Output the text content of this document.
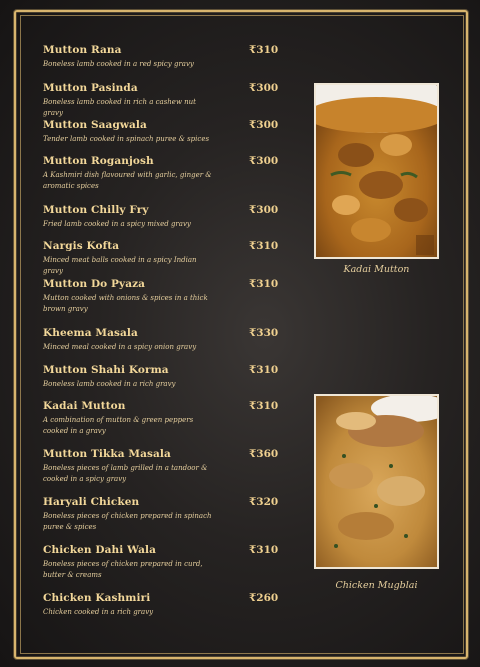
Mutton Rana	₹310
Boneless lamb cooked in a red spicy gravy
Mutton Pasinda	₹300
Boneless lamb cooked in rich a cashew nut gravy
Mutton Saagwala	₹300
Tender lamb cooked in spinach puree & spices
Mutton Roganjosh	₹300
A Kashmiri dish flavoured with garlic, ginger & aromatic spices
Mutton Chilly Fry	₹300
Fried lamb cooked in a spicy mixed gravy
Nargis Kofta	₹310
Minced meat balls cooked in a spicy Indian gravy
Mutton Do Pyaza	₹310
Mutton cooked with onions & spices in a thick brown gravy
Kheema Masala	₹330
Minced meal cooked in a spicy onion gravy
Mutton Shahi Korma	₹310
Boneless lamb cooked in a rich gravy
Kadai Mutton	₹310
A combination of mutton & green peppers cooked in a gravy
Mutton Tikka Masala	₹360
Boneless pieces of lamb grilled in a tandoor & cooked in a spicy gravy
Haryali Chicken	₹320
Boneless pieces of chicken prepared in spinach puree & spices
Chicken Dahi Wala	₹310
Boneless pieces of chicken prepared in curd, butter & creams
Chicken Kashmiri	₹260
Chicken cooked in a rich gravy
Kadai Mutton
Chicken Mugblai
